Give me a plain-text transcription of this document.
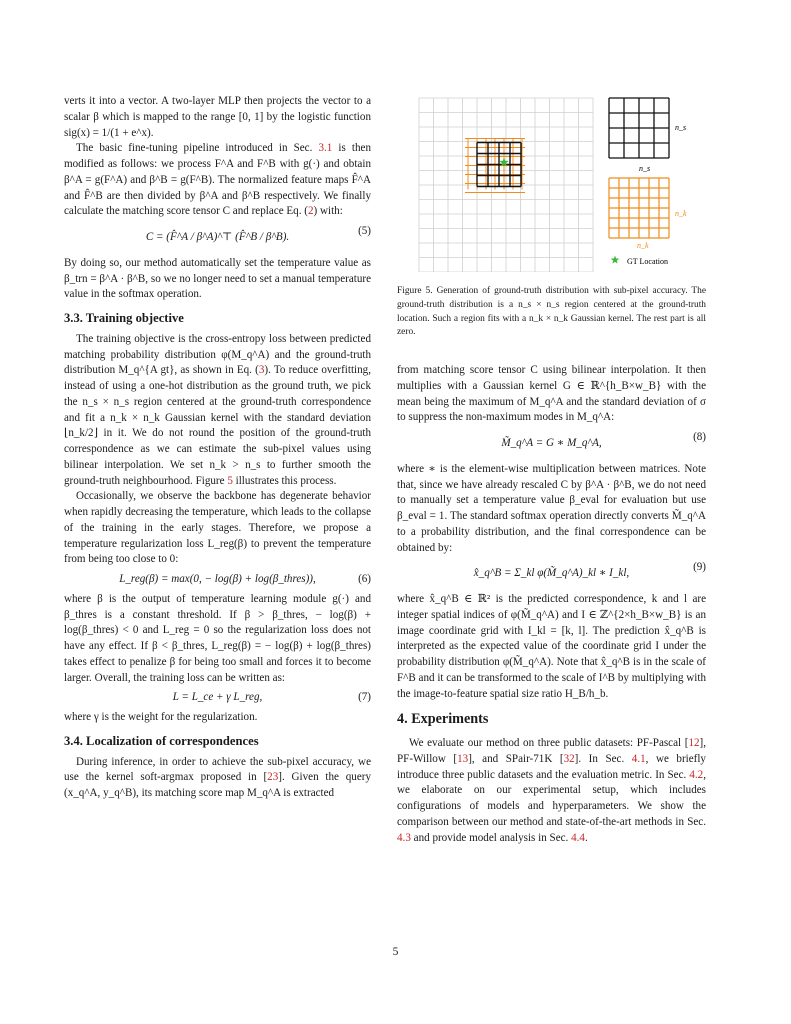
n_s
n_s
n_k
n_k
GT Location
Figure 5. Generation of ground-truth distribution with sub-pixel accuracy. The ground-truth distribution is a n_s × n_s region centered at the ground-truth location. Such a region fits with a n_k × n_k Gaussian kernel. The rest part is all zero.

verts it into a vector. A two-layer MLP then projects the vector to a scalar β which is mapped to the range [0, 1] by the logistic function sig(x) = 1/(1 + e^x).

The basic fine-tuning pipeline introduced in Sec. 3.1 is then modified as follows: we process F^A and F^B with g(·) and obtain β^A = g(F^A) and β^B = g(F^B). The normalized feature maps F̂^A and F̂^B are then divided by β^A and β^B respectively. We finally calculate the matching score tensor C and replace Eq. (2) with:

C = (F̂^A / β^A)^⊤ (F̂^B / β^B).	(5)

By doing so, our method automatically set the temperature value as β_trn = β^A · β^B, so we no longer need to set a manual temperature value in the softmax operation.

3.3. Training objective

The training objective is the cross-entropy loss between predicted matching probability distribution φ(M_q^A) and the ground-truth distribution M_q^{A gt}, as shown in Eq. (3). To reduce overfitting, instead of using a one-hot distribution as the ground truth, we pick the n_s × n_s region centered at the ground-truth correspondence and fit a n_k × n_k Gaussian kernel with the standard deviation ⌊n_k/2⌋ in it. We do not round the position of the ground-truth correspondence as we can estimate the sub-pixel values using bilinear interpolation. We set n_k > n_s to further smooth the ground-truth neighbourhood. Figure 5 illustrates this process.

Occasionally, we observe the backbone has degenerate behavior when rapidly decreasing the temperature, which leads to the collapse of the training in the early stages. Therefore, we propose a temperature regularization loss L_reg(β) to prevent the temperature from being too close to 0:

L_reg(β) = max(0, − log(β) + log(β_thres)),	(6)

where β is the output of temperature learning module g(·) and β_thres is a constant threshold. If β > β_thres, − log(β) + log(β_thres) < 0 and L_reg = 0 so the regularization loss does not have any effect. If β < β_thres, L_reg(β) = − log(β) + log(β_thres) takes effect to penalize β for being too small and forces it to become larger. Overall, the training loss can be written as:

L = L_ce + γ L_reg,	(7)

where γ is the weight for the regularization.

3.4. Localization of correspondences

During inference, in order to achieve the sub-pixel accuracy, we use the kernel soft-argmax proposed in [23]. Given the query (x_q^A, y_q^B), its matching score map M_q^A is extracted

from matching score tensor C using bilinear interpolation. It then multiplies with a Gaussian kernel G ∈ ℝ^{h_B×w_B} with the mean being the maximum of M_q^A and the standard deviation of σ to suppress the non-maximum modes in M_q^A:

M̃_q^A = G ∗ M_q^A,	(8)

where ∗ is the element-wise multiplication between matrices. Note that, since we have already rescaled C by β^A · β^B, we do not need to manually set a temperature value β_eval for evaluation but use β_eval = 1. The standard softmax operation directly converts M̃_q^A to a probability distribution, and the final correspondence can be obtained by:

x̂_q^B = Σ_kl φ(M̃_q^A)_kl ∗ I_kl,	(9)

where x̂_q^B ∈ ℝ² is the predicted correspondence, k and l are integer spatial indices of φ(M̃_q^A) and I ∈ ℤ^{2×h_B×w_B} is an image coordinate grid with I_kl = [k, l]. The prediction x̂_q^B is interpreted as the expected value of the coordinate grid I under the probability distribution φ(M̃_q^A). Note that x̂_q^B is in the scale of F^B and it can be transformed to the scale of I^B by multiplying with the image-to-feature spatial size ratio H_B/h_b.

4. Experiments

We evaluate our method on three public datasets: PF-Pascal [12], PF-Willow [13], and SPair-71K [32]. In Sec. 4.1, we briefly introduce three public datasets and the evaluation metric. In Sec. 4.2, we elaborate on our experimental setup, which includes configurations of models and hyperparameters. We show the comparison between our method and state-of-the-art methods in Sec. 4.3 and provide model analysis in Sec. 4.4.

5
